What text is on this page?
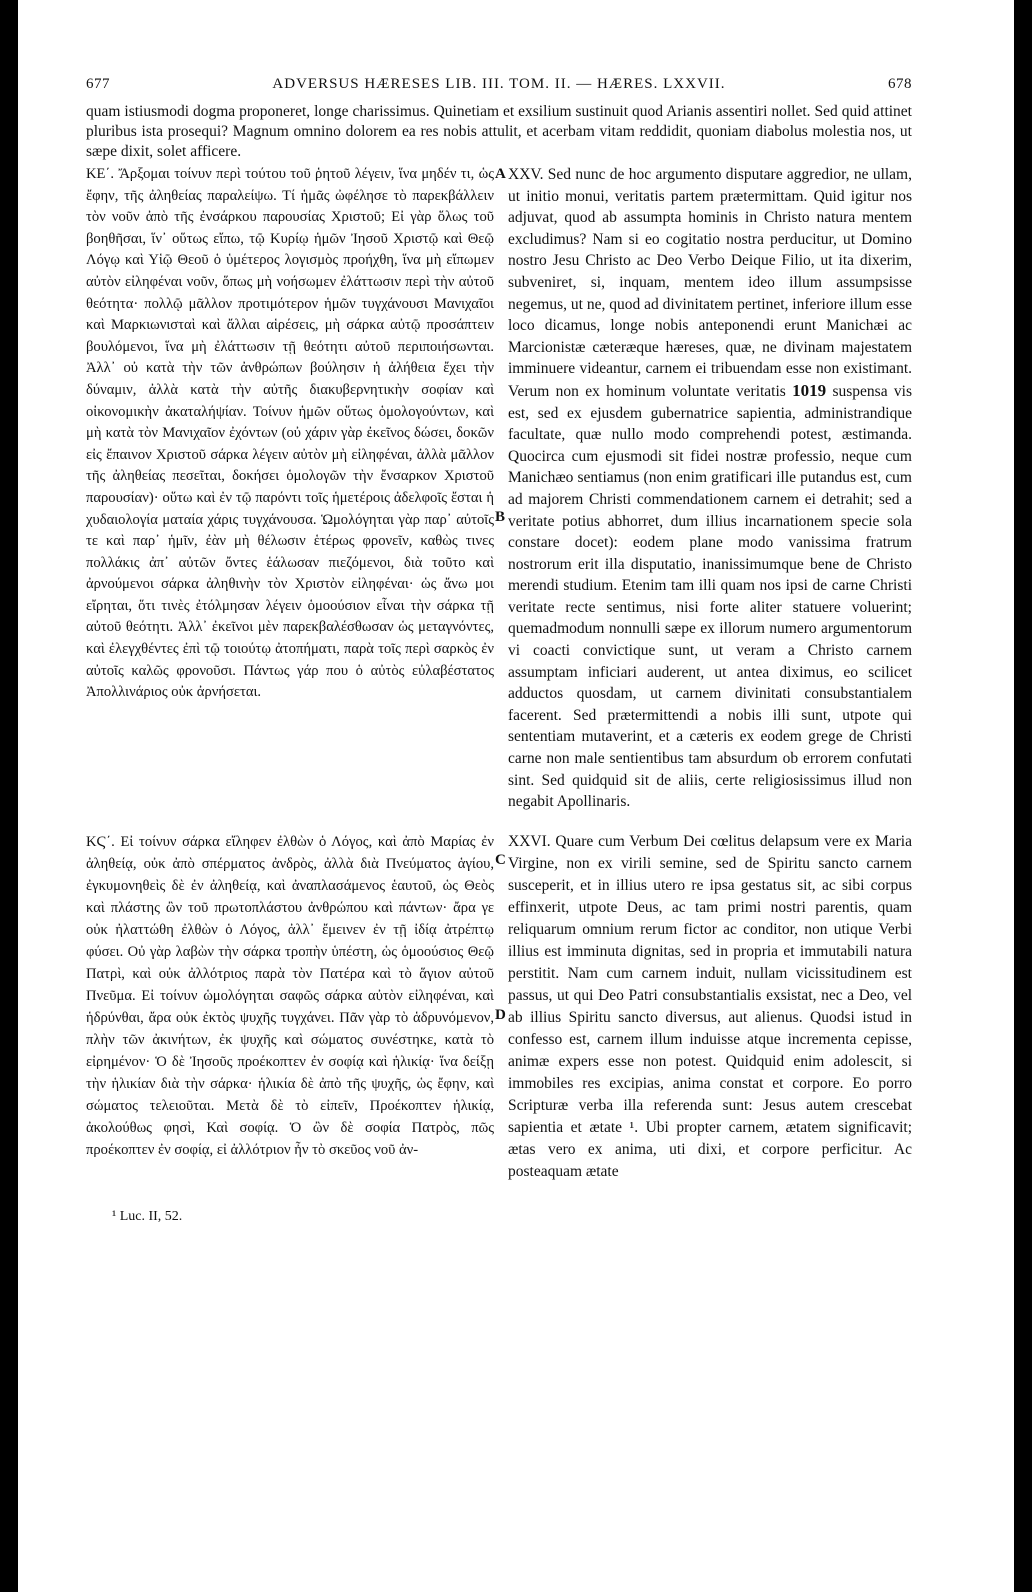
677	ADVERSUS HÆRESES LIB. III. TOM. II. — HÆRES. LXXVII.	678

quam istiusmodi dogma proponeret, longe charissimus. Quinetiam et exsilium sustinuit quod Arianis assentiri nollet. Sed quid attinet pluribus ista prosequi? Magnum omnino dolorem ea res nobis attulit, et acerbam vitam reddidit, quoniam diabolus molestia nos, ut sæpe dixit, solet afficere.

ΚΕ΄. Ἄρξομαι τοίνυν περὶ τούτου τοῦ ῥητοῦ λέγειν, ἵνα μηδέν τι, ὡς ἔφην, τῆς ἀληθείας παραλείψω. Τί ἡμᾶς ὠφέλησε τὸ παρεκβάλλειν τὸν νοῦν ἀπὸ τῆς ἐνσάρκου παρουσίας Χριστοῦ; Εἰ γὰρ ὅλως τοῦ βοηθῆσαι, ἵν᾽ οὕτως εἴπω, τῷ Κυρίῳ ἡμῶν Ἰησοῦ Χριστῷ καὶ Θεῷ Λόγῳ καὶ Υἱῷ Θεοῦ ὁ ὑμέτερος λογισμὸς προήχθη, ἵνα μὴ εἴπωμεν αὐτὸν εἰληφέναι νοῦν, ὅπως μὴ νοήσωμεν ἐλάττωσιν περὶ τὴν αὐτοῦ θεότητα· πολλῷ μᾶλλον προτιμότερον ἡμῶν τυγχάνουσι Μανιχαῖοι καὶ Μαρκιωνισταὶ καὶ ἄλλαι αἱρέσεις, μὴ σάρκα αὐτῷ προσάπτειν βουλόμενοι, ἵνα μὴ ἐλάττωσιν τῇ θεότητι αὐτοῦ περιποιήσωνται. Ἀλλ᾽ οὐ κατὰ τὴν τῶν ἀνθρώπων βούλησιν ἡ ἀλήθεια ἔχει τὴν δύναμιν, ἀλλὰ κατὰ τὴν αὐτῆς διακυβερνητικὴν σοφίαν καὶ οἰκονομικὴν ἀκαταλήψίαν. Τοίνυν ἡμῶν οὕτως ὁμολογούντων, καὶ μὴ κατὰ τὸν Μανιχαῖον ἐχόντων (οὐ χάριν γὰρ ἐκεῖνος δώσει, δοκῶν εἰς ἔπαινον Χριστοῦ σάρκα λέγειν αὐτὸν μὴ εἰληφέναι, ἀλλὰ μᾶλλον τῆς ἀληθείας πεσεῖται, δοκήσει ὁμολογῶν τὴν ἔνσαρκον Χριστοῦ παρουσίαν)· οὕτω καὶ ἐν τῷ παρόντι τοῖς ἡμετέροις ἀδελφοῖς ἔσται ἡ χυδαιολογία ματαία χάρις τυγχάνουσα. Ὡμολόγηται γὰρ παρ᾽ αὐτοῖς τε καὶ παρ᾽ ἡμῖν, ἐὰν μὴ θέλωσιν ἑτέρως φρονεῖν, καθὼς τινες πολλάκις ἀπ᾽ αὐτῶν ὄντες ἑάλωσαν πιεζόμενοι, διὰ τοῦτο καὶ ἀρνούμενοι σάρκα ἀληθινὴν τὸν Χριστὸν εἰληφέναι· ὡς ἄνω μοι εἴρηται, ὅτι τινὲς ἐτόλμησαν λέγειν ὁμοούσιον εἶναι τὴν σάρκα τῇ αὐτοῦ θεότητι. Ἀλλ᾽ ἐκεῖνοι μὲν παρεκβαλέσθωσαν ὡς μεταγνόντες, καὶ ἐλεγχθέντες ἐπὶ τῷ τοιούτῳ ἀτοπήματι, παρὰ τοῖς περὶ σαρκὸς ἐν αὐτοῖς καλῶς φρονοῦσι. Πάντως γάρ που ὁ αὐτὸς εὐλαβέστατος Ἀπολλινάριος οὐκ ἀρνήσεται.

A
B
C

XXV. Sed nunc de hoc argumento disputare aggredior, ne ullam, ut initio monui, veritatis partem prætermittam. Quid igitur nos adjuvat, quod ab assumpta hominis in Christo natura mentem excludimus? Nam si eo cogitatio nostra perducitur, ut Domino nostro Jesu Christo ac Deo Verbo Deique Filio, ut ita dixerim, subveniret, si, inquam, mentem ideo illum assumpsisse negemus, ut ne, quod ad divinitatem pertinet, inferiore illum esse loco dicamus, longe nobis anteponendi erunt Manichæi ac Marcionistæ cæteræque hæreses, quæ, ne divinam majestatem imminuere videantur, carnem ei tribuendam esse non existimant. Verum non ex hominum voluntate veritatis 1019 suspensa vis est, sed ex ejusdem gubernatrice sapientia, administrandique facultate, quæ nullo modo comprehendi potest, æstimanda. Quocirca cum ejusmodi sit fidei nostræ professio, neque cum Manichæo sentiamus (non enim gratificari ille putandus est, cum ad majorem Christi commendationem carnem ei detrahit; sed a veritate potius abhorret, dum illius incarnationem specie sola constare docet): eodem plane modo vanissima fratrum nostrorum erit illa disputatio, inanissimumque bene de Christo merendi studium. Etenim tam illi quam nos ipsi de carne Christi veritate recte sentimus, nisi forte aliter statuere voluerint; quemadmodum nonnulli sæpe ex illorum numero argumentorum vi coacti convictique sunt, ut veram a Christo carnem assumptam inficiari auderent, ut antea diximus, eo scilicet adductos quosdam, ut carnem divinitati consubstantialem facerent. Sed prætermittendi a nobis illi sunt, utpote qui sententiam mutaverint, et a cæteris ex eodem grege de Christi carne non male sentientibus tam absurdum ob errorem confutati sint. Sed quidquid sit de aliis, certe religiosissimus illud non negabit Apollinaris.

ΚϚ΄. Εἰ τοίνυν σάρκα εἴληφεν ἐλθὼν ὁ Λόγος, καὶ ἀπὸ Μαρίας ἐν ἀληθείᾳ, οὐκ ἀπὸ σπέρματος ἀνδρὸς, ἀλλὰ διὰ Πνεύματος ἁγίου, ἐγκυμονηθεὶς δὲ ἐν ἀληθείᾳ, καὶ ἀναπλασάμενος ἑαυτοῦ, ὡς Θεὸς καὶ πλάστης ὢν τοῦ πρωτοπλάστου ἀνθρώπου καὶ πάντων· ἄρα γε οὐκ ἠλαττώθη ἐλθὼν ὁ Λόγος, ἀλλ᾽ ἔμεινεν ἐν τῇ ἰδίᾳ ἀτρέπτῳ φύσει. Οὐ γὰρ λαβὼν τὴν σάρκα τροπὴν ὑπέστη, ὡς ὁμοούσιος Θεῷ Πατρὶ, καὶ οὐκ ἀλλότριος παρὰ τὸν Πατέρα καὶ τὸ ἅγιον αὐτοῦ Πνεῦμα. Εἰ τοίνυν ὡμολόγηται σαφῶς σάρκα αὐτὸν εἰληφέναι, καὶ ἡδρύνθαι, ἄρα οὐκ ἐκτὸς ψυχῆς τυγχάνει. Πᾶν γὰρ τὸ ἁδρυνόμενον, πλὴν τῶν ἀκινήτων, ἐκ ψυχῆς καὶ σώματος συνέστηκε, κατὰ τὸ εἰρημένον· Ὁ δὲ Ἰησοῦς προέκοπτεν ἐν σοφίᾳ καὶ ἡλικίᾳ· ἵνα δείξῃ τὴν ἡλικίαν διὰ τὴν σάρκα· ἡλικία δὲ ἀπὸ τῆς ψυχῆς, ὡς ἔφην, καὶ σώματος τελειοῦται. Μετὰ δὲ τὸ εἰπεῖν, Προέκοπτεν ἡλικίᾳ, ἀκολούθως φησὶ, Καὶ σοφίᾳ. Ὁ ὢν δὲ σοφία Πατρὸς, πῶς προέκοπτεν ἐν σοφίᾳ, εἰ ἀλλότριον ἦν τὸ σκεῦος νοῦ ἀν-

D

XXVI. Quare cum Verbum Dei cœlitus delapsum vere ex Maria Virgine, non ex virili semine, sed de Spiritu sancto carnem susceperit, et in illius utero re ipsa gestatus sit, ac sibi corpus effinxerit, utpote Deus, ac tam primi nostri parentis, quam reliquarum omnium rerum fictor ac conditor, non utique Verbi illius est imminuta dignitas, sed in propria et immutabili natura perstitit. Nam cum carnem induit, nullam vicissitudinem est passus, ut qui Deo Patri consubstantialis exsistat, nec a Deo, vel ab illius Spiritu sancto diversus, aut alienus. Quodsi istud in confesso est, carnem illum induisse atque incrementa cepisse, animæ expers esse non potest. Quidquid enim adolescit, si immobiles res excipias, anima constat et corpore. Eo porro Scripturæ verba illa referenda sunt: Jesus autem crescebat sapientia et ætate ¹. Ubi propter carnem, ætatem significavit; ætas vero ex anima, uti dixi, et corpore perficitur. Ac posteaquam ætate

¹ Luc. II, 52.
